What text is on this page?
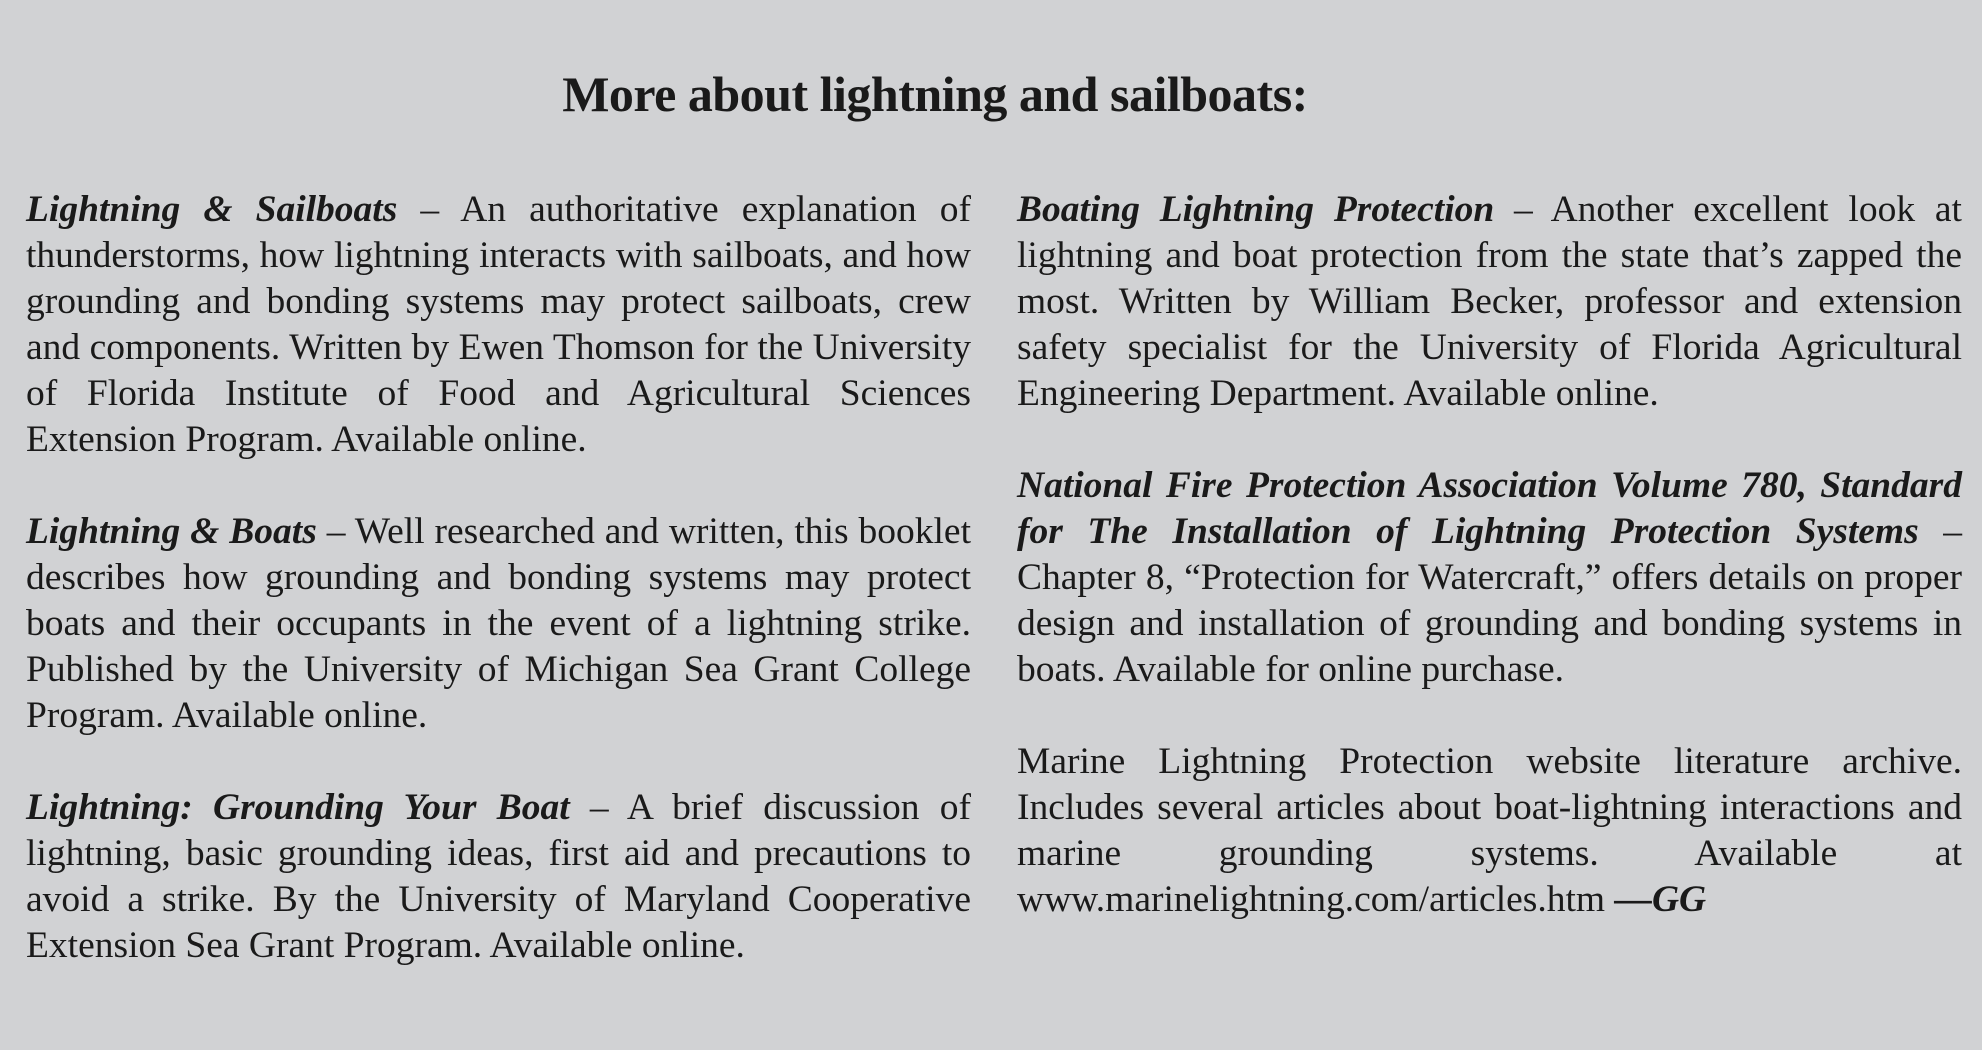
More about lightning and sailboats:

Lightning & Sailboats – An authoritative explanation of thunderstorms, how lightning interacts with sailboats, and how grounding and bonding systems may protect sailboats, crew and components. Written by Ewen Thomson for the University of Florida Institute of Food and Agricultural Sciences Extension Program. Available online.

Lightning & Boats – Well researched and written, this booklet describes how grounding and bonding systems may protect boats and their occupants in the event of a lightning strike. Published by the University of Michigan Sea Grant College Program. Available online.

Lightning: Grounding Your Boat – A brief discussion of lightning, basic grounding ideas, first aid and precautions to avoid a strike. By the University of Maryland Cooperative Extension Sea Grant Program. Available online.

Boating Lightning Protection – Another excellent look at lightning and boat protection from the state that’s zapped the most. Written by William Becker, professor and extension safety specialist for the University of Florida Agricultural Engineering Department. Available online.

National Fire Protection Association Volume 780, Standard for The Installation of Lightning Protection Systems – Chapter 8, “Protection for Watercraft,” offers details on proper design and installation of grounding and bonding systems in boats. Available for online purchase.

Marine Lightning Protection website literature archive. Includes several articles about boat-lightning interactions and marine grounding systems. Available at www.marinelightning.com/articles.htm —GG
